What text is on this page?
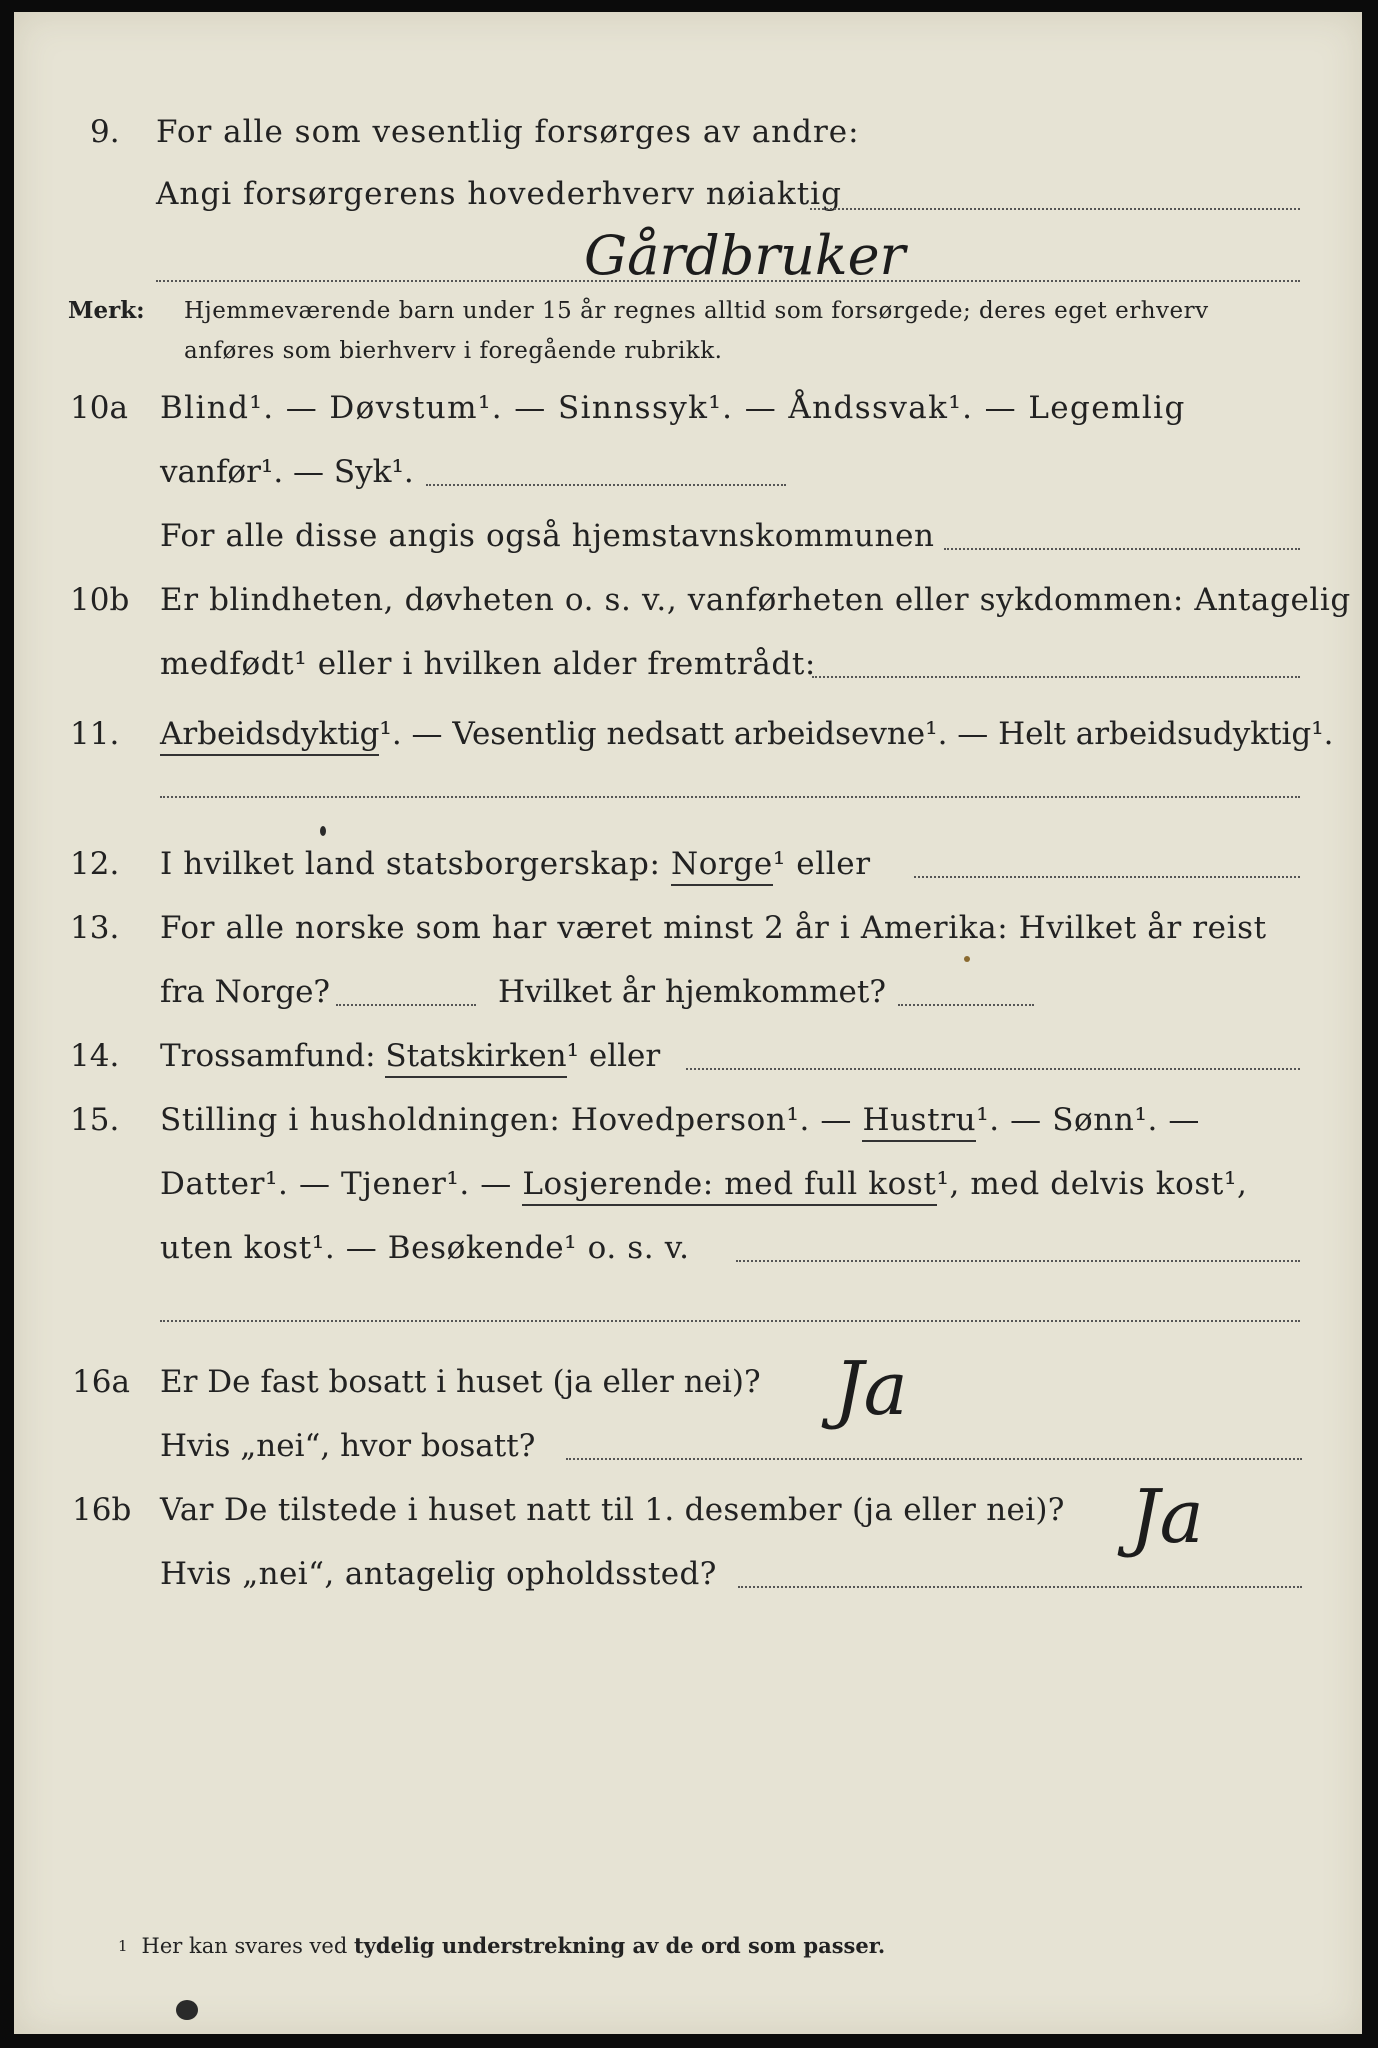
9. For alle som vesentlig forsørges av andre:
Angi forsørgerens hovederhverv nøiaktig
Gårdbruker
Merk: Hjemmeværende barn under 15 år regnes alltid som forsørgede; deres eget erhverv
anføres som bierhverv i foregående rubrikk.
10a Blind¹. — Døvstum¹. — Sinnssyk¹. — Åndssvak¹. — Legemlig
vanfør¹. — Syk¹.
For alle disse angis også hjemstavnskommunen
10b Er blindheten, døvheten o. s. v., vanførheten eller sykdommen: Antagelig
medfødt¹ eller i hvilken alder fremtrådt:
11. Arbeidsdyktig¹. — Vesentlig nedsatt arbeidsevne¹. — Helt arbeidsudyktig¹.
12. I hvilket land statsborgerskap: Norge¹ eller
13. For alle norske som har været minst 2 år i Amerika: Hvilket år reist
fra Norge?	Hvilket år hjemkommet?
14. Trossamfund: Statskirken¹ eller
15. Stilling i husholdningen: Hovedperson¹. — Hustru¹. — Sønn¹. —
Datter¹. — Tjener¹. — Losjerende: med full kost¹, med delvis kost¹,
uten kost¹. — Besøkende¹ o. s. v.
16a Er De fast bosatt i huset (ja eller nei)? Ja
Hvis „nei“, hvor bosatt?
16b Var De tilstede i huset natt til 1. desember (ja eller nei)? Ja
Hvis „nei“, antagelig opholdssted?
$^1$ Her kan svares ved tydelig understrekning av de ord som passer.
